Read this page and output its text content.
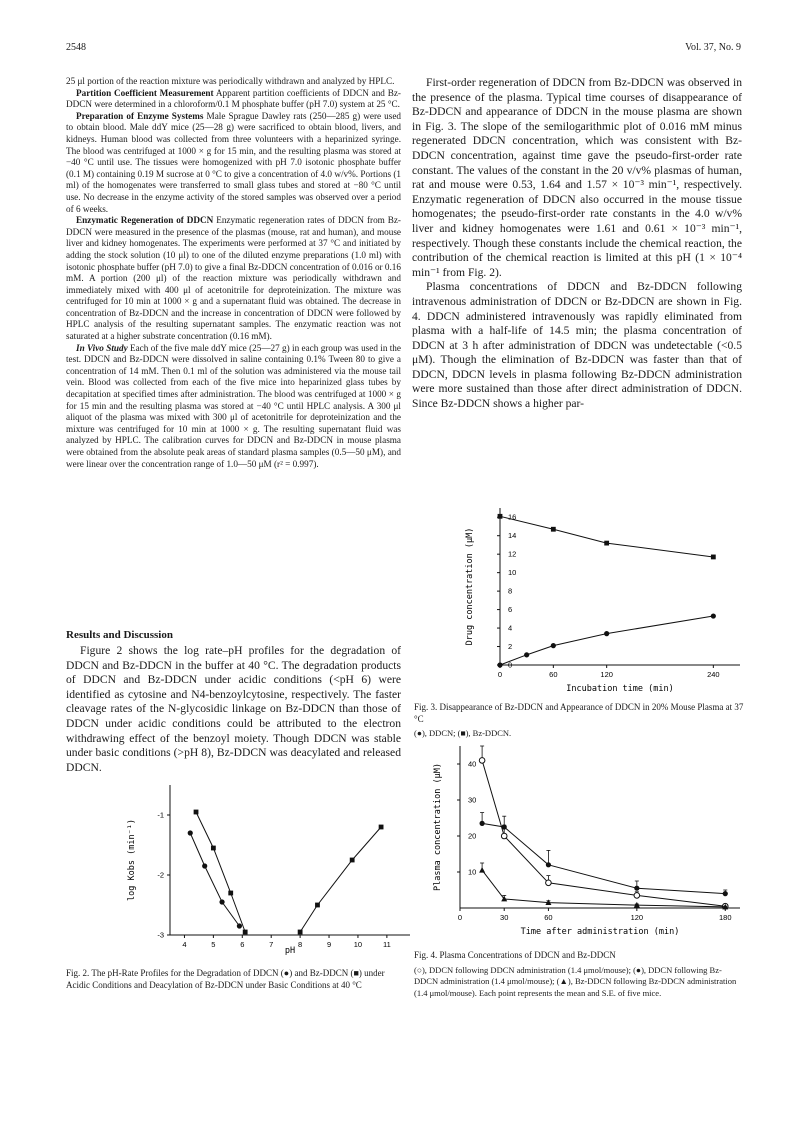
2548	Vol. 37, No. 9

25 μl portion of the reaction mixture was periodically withdrawn and analyzed by HPLC.

Partition Coefficient Measurement Apparent partition coefficients of DDCN and Bz-DDCN were determined in a chloroform/0.1 M phosphate buffer (pH 7.0) system at 25 °C.

Preparation of Enzyme Systems Male Sprague Dawley rats (250—285 g) were used to obtain blood. Male ddY mice (25—28 g) were sacrificed to obtain blood, livers, and kidneys. Human blood was collected from three volunteers with a heparinized syringe. The blood was centrifuged at 1000 × g for 15 min, and the resulting plasma was stored at −40 °C until use. The tissues were homogenized with pH 7.0 isotonic phosphate buffer (0.1 M) containing 0.19 M sucrose at 0 °C to give a concentration of 4.0 w/v%. Portions (1 ml) of the homogenates were transferred to small glass tubes and stored at −80 °C until use. No decrease in the enzyme activity of the stored samples was observed over a period of 6 weeks.

Enzymatic Regeneration of DDCN Enzymatic regeneration rates of DDCN from Bz-DDCN were measured in the presence of the plasmas (mouse, rat and human), and mouse liver and kidney homogenates. The experiments were performed at 37 °C and initiated by adding the stock solution (10 μl) to one of the diluted enzyme preparations (1.0 ml) with isotonic phosphate buffer (pH 7.0) to give a final Bz-DDCN concentration of 0.016 or 0.16 mM. A portion (200 μl) of the reaction mixture was periodically withdrawn and immediately mixed with 400 μl of acetonitrile for deproteinization. The mixture was centrifuged for 10 min at 1000 × g and a supernatant fluid was obtained. The decrease in concentration of Bz-DDCN and the increase in concentration of DDCN were followed by HPLC analysis of the resulting supernatant samples. The enzymatic reaction was not saturated at a higher substrate concentration (0.16 mM).

In Vivo Study Each of the five male ddY mice (25—27 g) in each group was used in the test. DDCN and Bz-DDCN were dissolved in saline containing 0.1% Tween 80 to give a concentration of 14 mM. Then 0.1 ml of the solution was administered via the mouse tail vein. Blood was collected from each of the five mice into heparinized glass tubes by decapitation at specified times after administration. The blood was centrifuged at 1000 × g for 15 min and the resulting plasma was stored at −40 °C until HPLC analysis. A 300 μl aliquot of the plasma was mixed with 300 μl of acetonitrile for deproteinization and the mixture was centrifuged for 10 min at 1000 × g. The resulting supernatant fluid was analyzed by HPLC. The calibration curves for DDCN and Bz-DDCN in mouse plasma were obtained from the absolute peak areas of standard plasma samples (0.5—50 μM), and were linear over the concentration range of 1.0—50 μM (r² = 0.997).

Results and Discussion

Figure 2 shows the log rate–pH profiles for the degradation of DDCN and Bz-DDCN in the buffer at 40 °C. The degradation products of DDCN and Bz-DDCN under acidic conditions (<pH 6) were identified as cytosine and N4-benzoylcytosine, respectively. The faster cleavage rates of the N-glycosidic linkage on Bz-DDCN than those of DDCN under acidic conditions could be attributed to the electron withdrawing effect of the benzoyl moiety. Though DDCN was stable under basic conditions (>pH 8), Bz-DDCN was deacylated and released DDCN.

First-order regeneration of DDCN from Bz-DDCN was observed in the presence of the plasma. Typical time courses of disappearance of Bz-DDCN and appearance of DDCN in the mouse plasma are shown in Fig. 3. The slope of the semilogarithmic plot of 0.016 mM minus regenerated DDCN concentration, which was consistent with Bz-DDCN concentration, against time gave the pseudo-first-order rate constant. The values of the constant in the 20 v/v% plasmas of human, rat and mouse were 0.53, 1.64 and 1.57 × 10⁻³ min⁻¹, respectively. Enzymatic regeneration of DDCN also occurred in the mouse tissue homogenates; the pseudo-first-order rate constants in the 4.0 w/v% liver and kidney homogenates were 1.61 and 0.61 × 10⁻³ min⁻¹, respectively. Though these constants include the chemical reaction, the contribution of the chemical reaction is limited at this pH (1 × 10⁻⁴ min⁻¹ from Fig. 2).

Plasma concentrations of DDCN and Bz-DDCN following intravenous administration of DDCN or Bz-DDCN are shown in Fig. 4. DDCN administered intravenously was rapidly eliminated from plasma with a half-life of 14.5 min; the plasma concentration of DDCN at 3 h after administration of DDCN was undetectable (<0.5 μM). Though the elimination of Bz-DDCN was faster than that of DDCN, DDCN levels in plasma following Bz-DDCN administration were more sustained than those after direct administration of DDCN. Since Bz-DDCN shows a higher par-

4	5	6	7	8	9	10	11
-1
-2
-3
pH
log Kobs (min⁻¹)
Fig. 2. The pH-Rate Profiles for the Degradation of DDCN (●) and Bz-DDCN (■) under Acidic Conditions and Deacylation of Bz-DDCN under Basic Conditions at 40 °C
0	60	120	240
0
2
4
6
8
10
12
14
16
Incubation time (min)
Drug concentration (μM)
Fig. 3. Disappearance of Bz-DDCN and Appearance of DDCN in 20% Mouse Plasma at 37 °C
(●), DDCN; (■), Bz-DDCN.
0	30	60	120	180
10
20
30
40
Time after administration (min)
Plasma concentration (μM)
Fig. 4. Plasma Concentrations of DDCN and Bz-DDCN
(○), DDCN following DDCN administration (1.4 μmol/mouse); (●), DDCN following Bz-DDCN administration (1.4 μmol/mouse); (▲), Bz-DDCN following Bz-DDCN administration (1.4 μmol/mouse). Each point represents the mean and S.E. of five mice.
